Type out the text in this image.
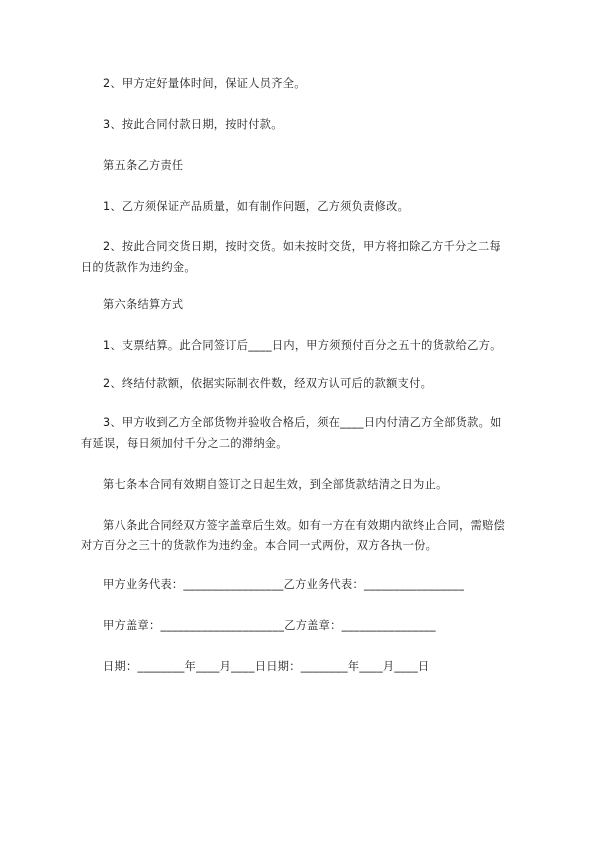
2、甲方定好量体时间，保证人员齐全。
3、按此合同付款日期，按时付款。
第五条乙方责任
1、乙方须保证产品质量，如有制作问题，乙方须负责修改。
2、按此合同交货日期，按时交货。如未按时交货，甲方将扣除乙方千分之二每
日的货款作为违约金。
第六条结算方式
1、支票结算。此合同签订后____日内，甲方须预付百分之五十的货款给乙方。
2、终结付款额，依据实际制衣件数，经双方认可后的款额支付。
3、甲方收到乙方全部货物并验收合格后，须在____日内付清乙方全部货款。如
有延误，每日须加付千分之二的滞纳金。
第七条本合同有效期自签订之日起生效，到全部货款结清之日为止。
第八条此合同经双方签字盖章后生效。如有一方在有效期内欲终止合同，需赔偿
对方百分之三十的货款作为违约金。本合同一式两份，双方各执一份。
甲方业务代表：_________________乙方业务代表：_________________
甲方盖章：_____________________乙方盖章：________________
日期：________年____月____日日期：________年____月____日
